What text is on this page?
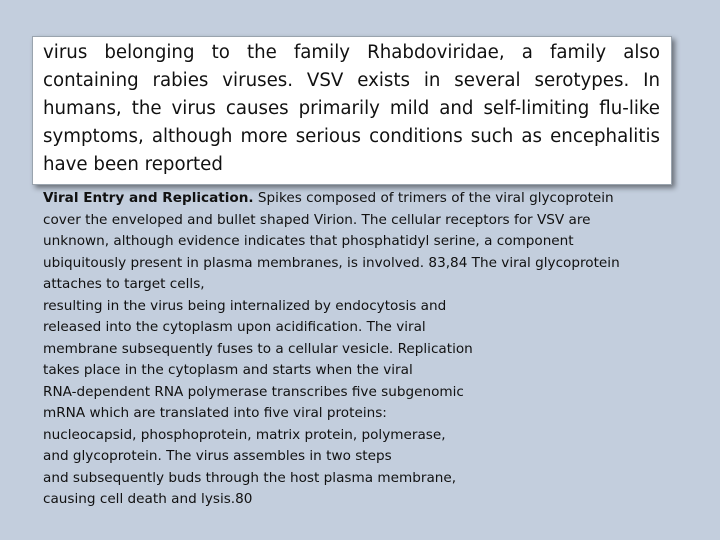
virus belonging to the family Rhabdoviridae, a family also containing rabies viruses. VSV exists in several serotypes. In humans, the virus causes primarily mild and self-limiting flu-like symptoms, although more serious conditions such as encephalitis have been reported

Viral Entry and Replication. Spikes composed of trimers of the viral glycoprotein
cover the enveloped and bullet shaped Virion. The cellular receptors for VSV are
unknown, although evidence indicates that phosphatidyl serine, a component
ubiquitously present in plasma membranes, is involved. 83,84 The viral glycoprotein
attaches to target cells,
resulting in the virus being internalized by endocytosis and
released into the cytoplasm upon acidification. The viral
membrane subsequently fuses to a cellular vesicle. Replication
takes place in the cytoplasm and starts when the viral
RNA-dependent RNA polymerase transcribes five subgenomic
mRNA which are translated into five viral proteins:
nucleocapsid, phosphoprotein, matrix protein, polymerase,
and glycoprotein. The virus assembles in two steps
and subsequently buds through the host plasma membrane,
causing cell death and lysis.80
